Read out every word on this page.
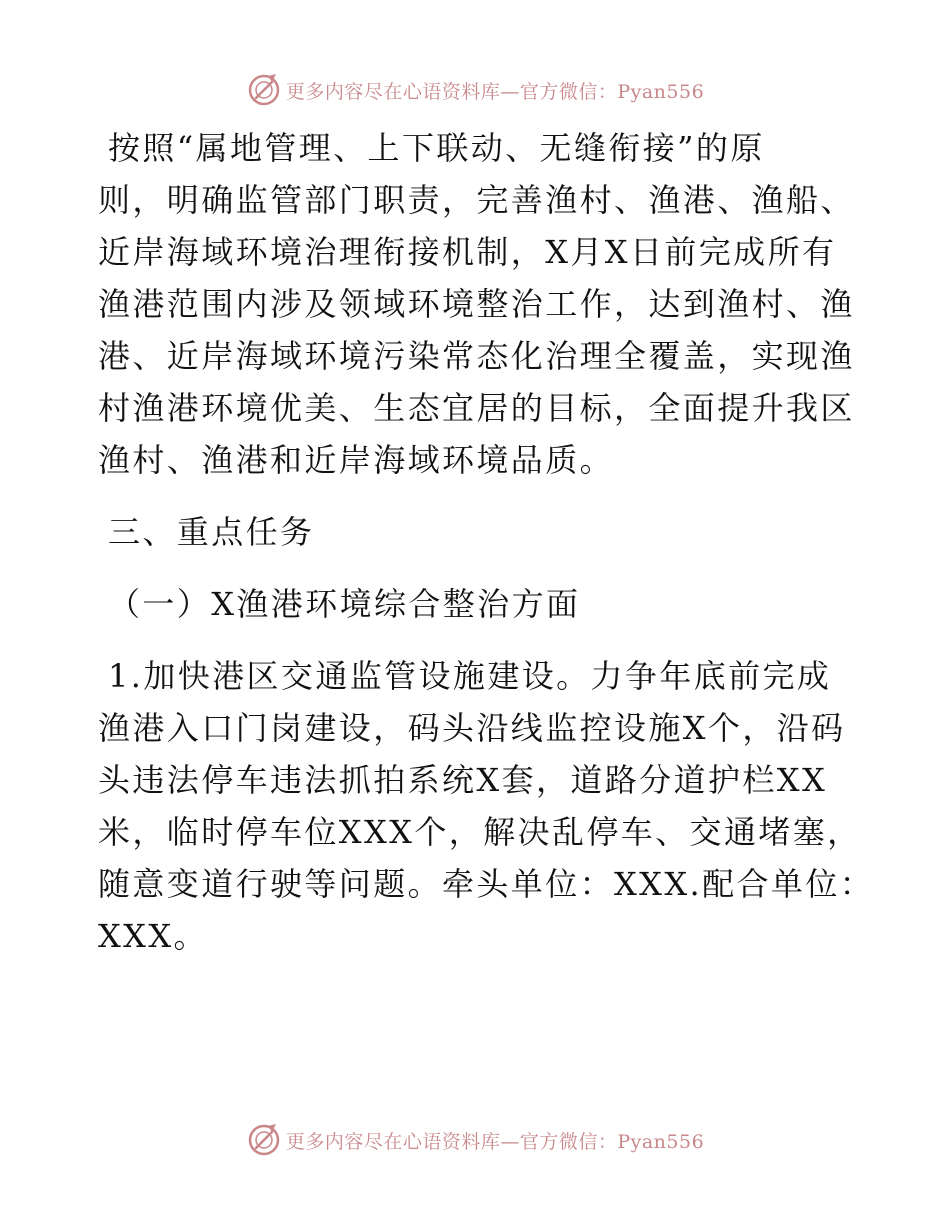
更多内容尽在心语资料库—官方微信：Pyan556
按照“属地管理、上下联动、无缝衔接”的原
则，明确监管部门职责，完善渔村、渔港、渔船、
近岸海域环境治理衔接机制，X月X日前完成所有
渔港范围内涉及领域环境整治工作，达到渔村、渔
港、近岸海域环境污染常态化治理全覆盖，实现渔
村渔港环境优美、生态宜居的目标，全面提升我区
渔村、渔港和近岸海域环境品质。
三、重点任务
（一）X渔港环境综合整治方面
1.加快港区交通监管设施建设。力争年底前完成
渔港入口门岗建设，码头沿线监控设施X个，沿码
头违法停车违法抓拍系统X套，道路分道护栏XX
米，临时停车位XXX个，解决乱停车、交通堵塞，
随意变道行驶等问题。牵头单位：XXX.配合单位：
XXX。
更多内容尽在心语资料库—官方微信：Pyan556
